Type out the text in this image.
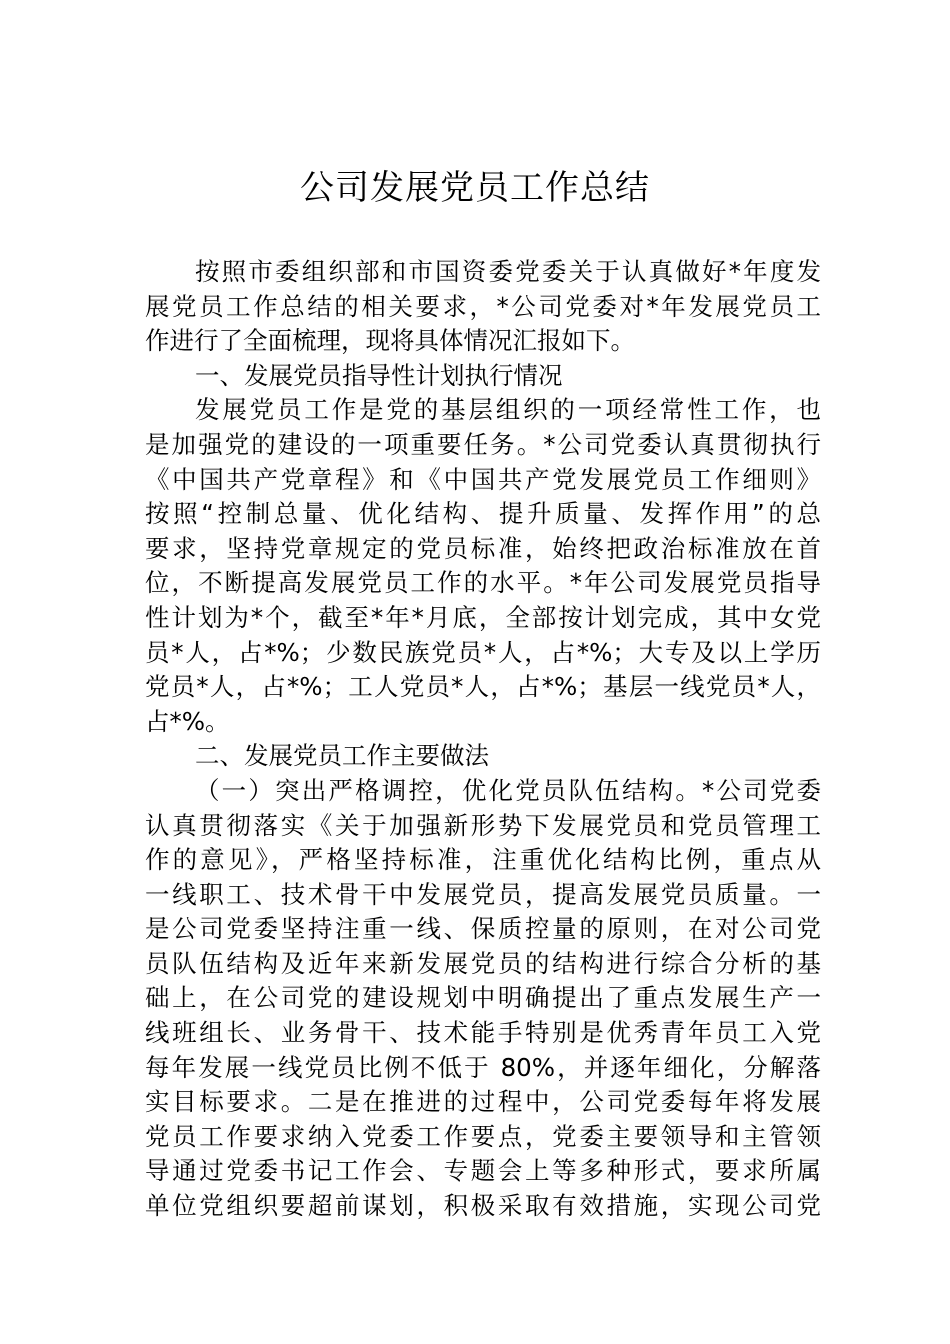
公司发展党员工作总结
按照市委组织部和市国资委党委关于认真做好*年度发
展党员工作总结的相关要求，*公司党委对*年发展党员工
作进行了全面梳理，现将具体情况汇报如下。
一、发展党员指导性计划执行情况
发展党员工作是党的基层组织的一项经常性工作，也
是加强党的建设的一项重要任务。*公司党委认真贯彻执行
《中国共产党章程》和《中国共产党发展党员工作细则》
按照“控制总量、优化结构、提升质量、发挥作用”的总
要求，坚持党章规定的党员标准，始终把政治标准放在首
位，不断提高发展党员工作的水平。*年公司发展党员指导
性计划为*个，截至*年*月底，全部按计划完成，其中女党
员*人，占*%；少数民族党员*人，占*%；大专及以上学历
党员*人，占*%；工人党员*人，占*%；基层一线党员*人，
占*%。
二、发展党员工作主要做法
（一）突出严格调控，优化党员队伍结构。*公司党委
认真贯彻落实《关于加强新形势下发展党员和党员管理工
作的意见》，严格坚持标准，注重优化结构比例，重点从
一线职工、技术骨干中发展党员，提高发展党员质量。一
是公司党委坚持注重一线、保质控量的原则，在对公司党
员队伍结构及近年来新发展党员的结构进行综合分析的基
础上，在公司党的建设规划中明确提出了重点发展生产一
线班组长、业务骨干、技术能手特别是优秀青年员工入党
每年发展一线党员比例不低于 80%，并逐年细化，分解落
实目标要求。二是在推进的过程中，公司党委每年将发展
党员工作要求纳入党委工作要点，党委主要领导和主管领
导通过党委书记工作会、专题会上等多种形式，要求所属
单位党组织要超前谋划，积极采取有效措施，实现公司党
